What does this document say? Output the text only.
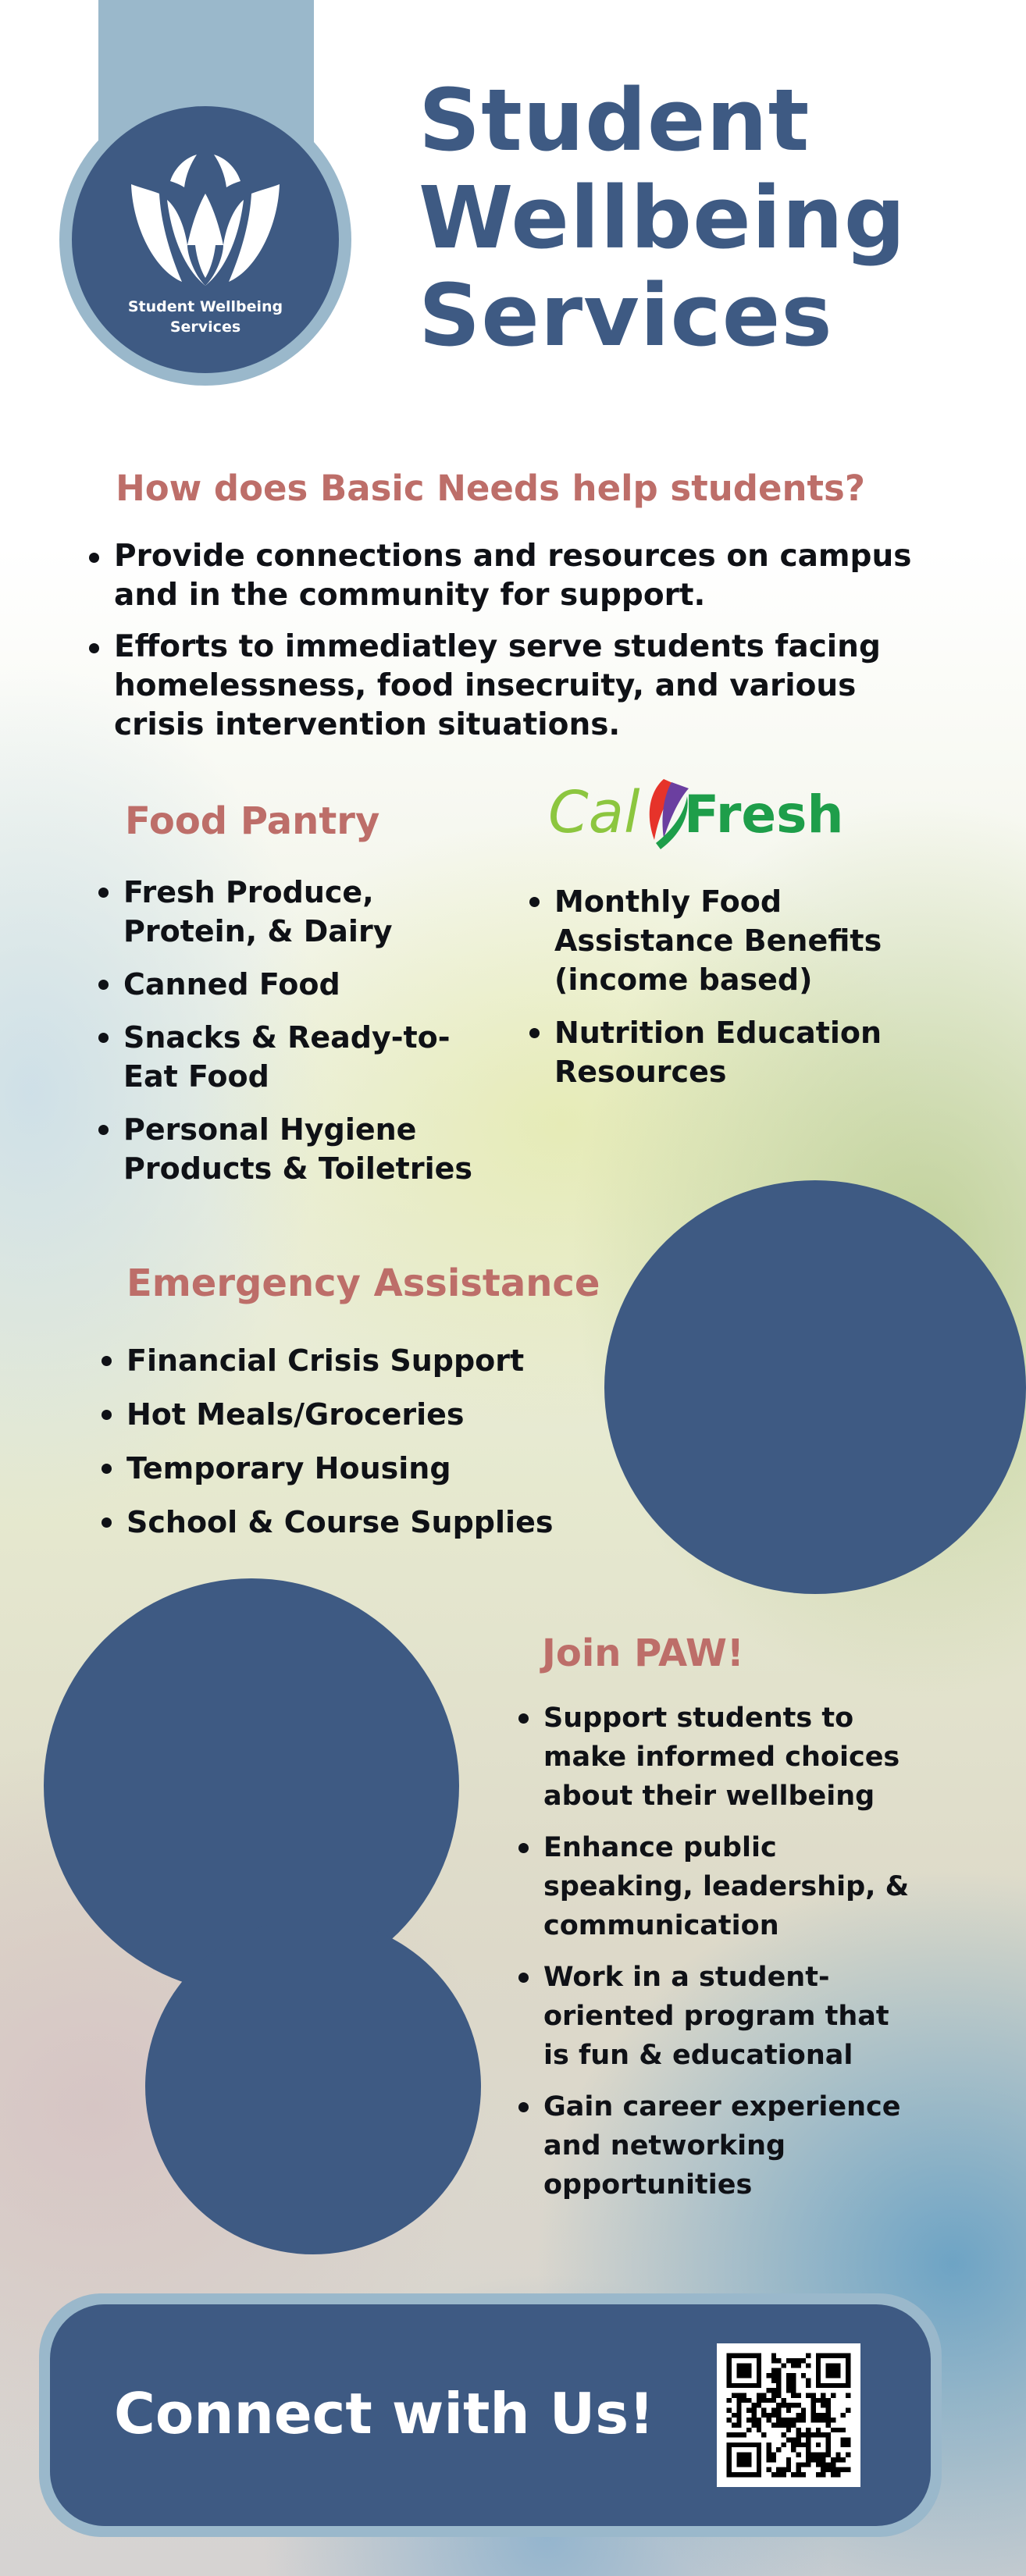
Student Wellbeing
Services
Student
Wellbeing
Services
How does Basic Needs help students?
Provide connections and resources on campus and in the community for support.
Efforts to immediatley serve students facing homelessness, food insecruity, and various crisis intervention situations.
Food Pantry
Fresh Produce, Protein, & Dairy
Canned Food
Snacks & Ready-to-Eat Food
Personal Hygiene Products & Toiletries
Cal Fresh
Monthly Food Assistance Benefits (income based)
Nutrition Education Resources
Emergency Assistance
Financial Crisis Support
Hot Meals/Groceries
Temporary Housing
School & Course Supplies
Join PAW!
Support students to make informed choices about their wellbeing
Enhance public speaking, leadership, & communication
Work in a student-oriented program that is fun & educational
Gain career experience and networking opportunities
Connect with Us!
